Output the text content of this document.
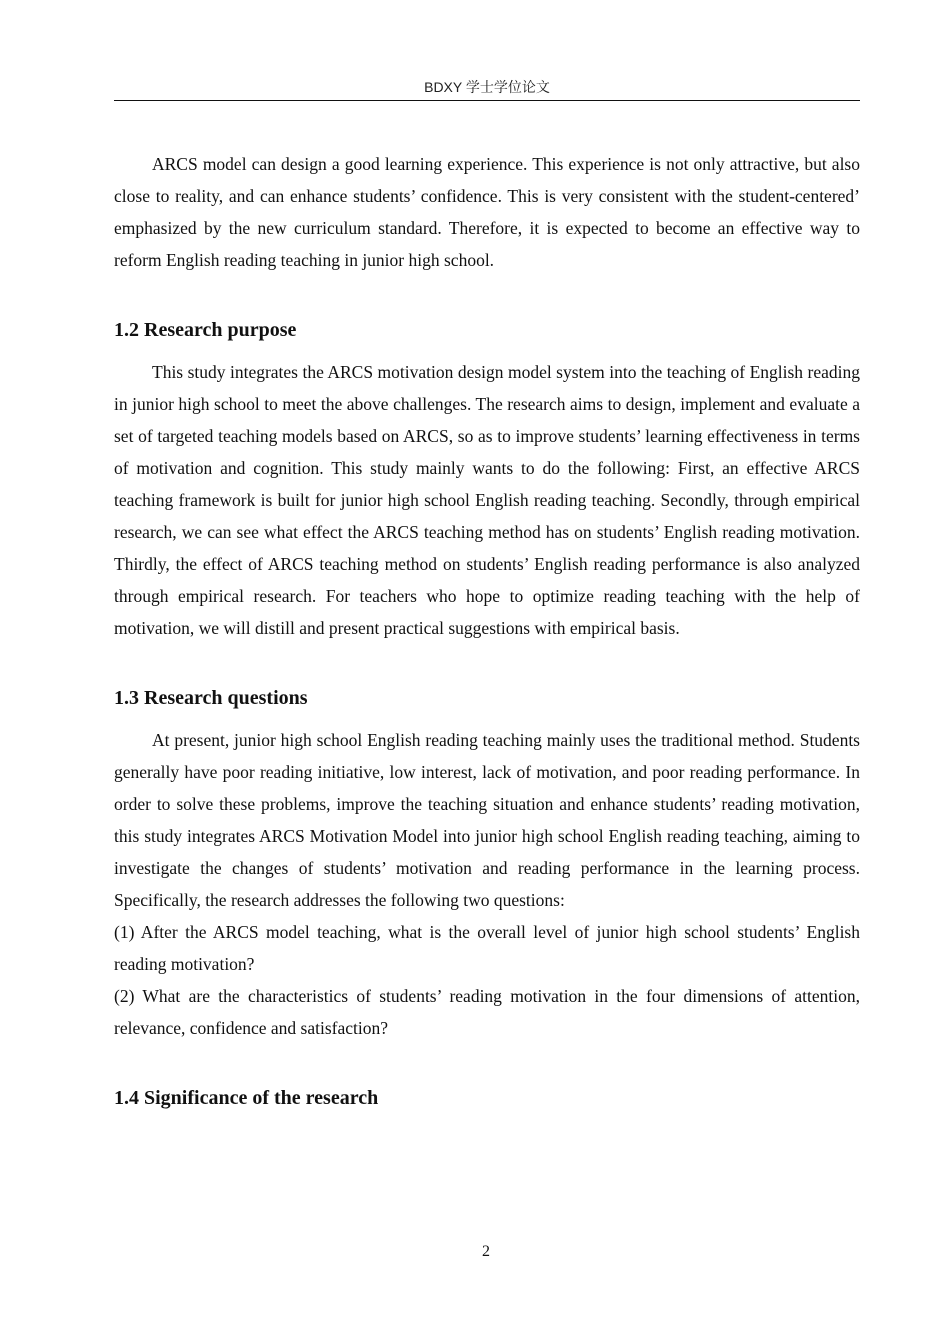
BDXY 学士学位论文

ARCS model can design a good learning experience. This experience is not only attractive, but also close to reality, and can enhance students’ confidence. This is very consistent with the student-centered’ emphasized by the new curriculum standard. Therefore, it is expected to become an effective way to reform English reading teaching in junior high school.

1.2 Research purpose

This study integrates the ARCS motivation design model system into the teaching of English reading in junior high school to meet the above challenges. The research aims to design, implement and evaluate a set of targeted teaching models based on ARCS, so as to improve students’ learning effectiveness in terms of motivation and cognition. This study mainly wants to do the following: First, an effective ARCS teaching framework is built for junior high school English reading teaching. Secondly, through empirical research, we can see what effect the ARCS teaching method has on students’ English reading motivation. Thirdly, the effect of ARCS teaching method on students’ English reading performance is also analyzed through empirical research. For teachers who hope to optimize reading teaching with the help of motivation, we will distill and present practical suggestions with empirical basis.

1.3 Research questions

At present, junior high school English reading teaching mainly uses the traditional method. Students generally have poor reading initiative, low interest, lack of motivation, and poor reading performance. In order to solve these problems, improve the teaching situation and enhance students’ reading motivation, this study integrates ARCS Motivation Model into junior high school English reading teaching, aiming to investigate the changes of students’ motivation and reading performance in the learning process. Specifically, the research addresses the following two questions:

(1) After the ARCS model teaching, what is the overall level of junior high school students’ English reading motivation?

(2) What are the characteristics of students’ reading motivation in the four dimensions of attention, relevance, confidence and satisfaction?

1.4 Significance of the research
2
